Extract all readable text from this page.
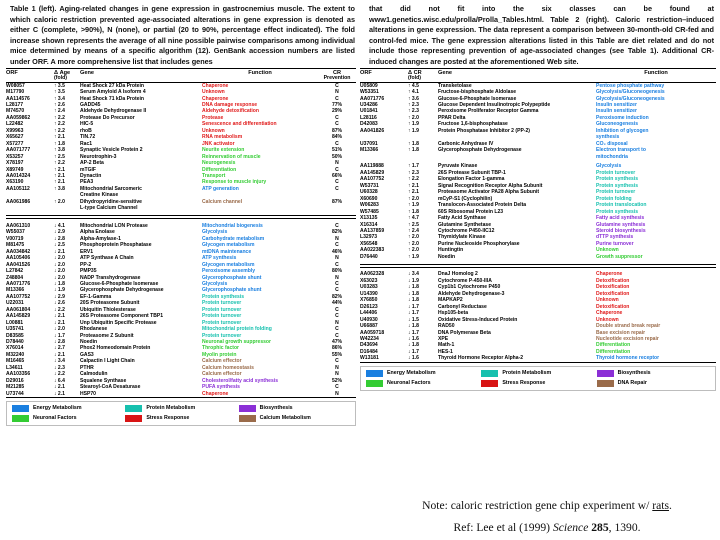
Table 1 (left). Aging-related changes in gene expression in gastrocnemius muscle. The extent to which caloric restriction prevented age-associated alterations in gene expression is denoted as either C (complete, >90%), N (none), or partial (20 to 90%, percentage effect indicated). The fold increase shown represents the average of all nine possible pairwise comparisons among individual mice determined by means of a specific algorithm (12). GenBank accession numbers are listed under ORF. A more comprehensive list that includes genes
that did not fit into the six classes can be found at www1.genetics.wisc.edu/prolla/Prolla_Tables.html. Table 2 (right). Caloric restriction–induced alterations in gene expression. The data represent a comparison between 30-month-old CR-fed and control-fed mice. The gene expression alterations listed in this Table are diet related and do not include those representing prevention of age-associated changes (see Table 1). Additional CR-induced changes are posted at the aforementioned Web site.
ORF	Δ Age
(fold)	Gene	Function	CR
Prevention

W08057	↑ 3.5	Heat Shock 27 kDa Protein	Chaperone	C
M17790	↑ 3.5	Serum Amyloid A Isoform 4	Unknown	N
AA114576	↑ 3.4	Heat Shock 71 kDa Protein	Chaperone	C
L28177	↑ 2.6	GADD45	DNA damage response	77%
M74570	↑ 2.4	Aldehyde Dehydrogenase II	Aldehyde detoxification	29%
AA059862	↑ 2.2	Protease Do Precursor	Protease	C
L22482	↑ 2.2	HIC-5	Senescence and differentiation	C
X99963	↑ 2.2	rhoB	Unknown	87%
X65627	↑ 2.1	TIN.72	RNA metabolism	84%
X57277	↑ 1.8	Rac1	JNK activator	C
AA071777	↑ 3.8	Synaptic Vesicle Protein 2	Neurite extension	51%
X53257	↑ 2.5	Neurotrophin-3	Reinnervation of muscle	50%
X78197	↑ 2.2	AP-2 Beta	Neurogenesis	N
X89749	↑ 2.1	mTGIF	Differentiation	C
AA014324	↑ 2.1	Dynactin	Transport	66%
X63190	↑ 2.1	PEA3	Response to muscle injury	C
AA105112	↑ 3.8	Mitochondrial Sarcomeric	ATP generation	C
		Creatine Kinase		
AA061986	↑ 2.0	Dihydropyridine-sensitive	Calcium channel	87%
		L-type Calcium Channel		

AA061310	↓ 4.1	Mitochondrial LON Protease	Mitochondrial biogenesis	C
W55037	↓ 2.9	Alpha Enolase	Glycolysis	82%
V00719	↓ 2.8	Alpha-Amylase-1	Carbohydrate metabolism	N
M81475	↓ 2.5	Phosphoprotein Phosphatase	Glycogen metabolism	C
AA034842	↓ 2.1	ERV1	mtDNA maintenance	46%
AA105406	↓ 2.0	ATP Synthase A Chain	ATP synthesis	N
AA041526	↓ 2.0	PP-2	Glycogen metabolism	C
L27842	↓ 2.0	PMP35	Peroxisome assembly	80%
Z48804	↓ 2.0	NADP Transhydrogenase	Glycerophosphate shunt	N
AA071776	↓ 1.8	Glucose-6-Phosphate Isomerase	Glycolysis	C
M13366	↓ 1.9	Glycerophosphate Dehydrogenase	Glycerophosphate shunt	C
AA107752	↓ 2.9	EF-1-Gamma	Protein synthesis	82%
U22031	↓ 2.6	20S Proteasome Subunit	Protein turnover	44%
AA061804	↓ 2.2	Ubiquitin Thiolesterase	Protein turnover	C
AA145829	↓ 2.1	26S Proteasome Component TBP1	Protein turnover	C
L00881	↓ 2.1	Unp Ubiquitin Specific Protease	Protein turnover	N
U35741	↓ 2.0	Rhodanese	Mitochondrial protein folding	C
D83585	↓ 1.7	Proteasome Z Subunit	Protein turnover	C
D78440	↓ 2.8	Noedin	Neuronal growth suppressor	47%
X76014	↓ 2.7	Phox2 Homeodomain Protein	Throphic factor	86%
M32240	↓ 2.1	GAS3	Myolin protein	55%
M16465	↓ 3.4	Calpactin I Light Chain	Calcium effector	C
L34611	↓ 2.3	PTHR	Calcium homeostasis	N
AA103356	↓ 2.2	Calmodulin	Calcium effector	N
D29016	↓ 6.4	Squalene Synthase	Cholesterol/fatty acid synthesis	52%
M21285	↓ 2.1	Stearoyl-CoA Desaturase	PUFA synthesis	C
U73744	↓ 2.1	HSP70	Chaperone	N
Energy Metabolism	Protein Metabolism	Biosynthesis
Neuronal Factors	Stress Response	Calcium Metabolism
ORF	Δ CR
(fold)	Gene	Function
U05809	↑ 4.5	Transketolase	Pentose phosphate pathway
W53351	↑ 4.1	Fructose-bisphosphate Aldolase	Glycolysis/Gluconeogenesis
AA071776	↑ 3.6	Glucose-6-Phosphate Isomerase	Glycolysis/Gluconeogenesis
U34286	↑ 2.3	Glucose Dependent Insulinotropic Polypeptide	Insulin sensitizer
U01841	↑ 2.3	Peroxisome Proliferator Receptor Gamma	Insulin sensitizer
L28116	↑ 2.0	PPAR Delta	Peroxisome induction
D42083	↑ 1.9	Fructose 1,6-bisphosphatase	Gluconeogenesis
AA041826	↑ 1.9	Protein Phosphatase Inhibitor 2 (PP-2)	Inhibition of glycogen
			synthesis
U37091	↑ 1.8	Carbonic Anhydrase IV	CO₂ disposal
M13366	↑ 1.8	Glycerophosphate Dehydrogenase	Electron transport to
			mitochondria

AA119888	↑ 1.7	Pyruvate Kinase	Glycolysis
AA145829	↑ 2.3	26S Protease Subunit TBP-1	Protein turnover
AA107752	↑ 2.2	Elongation Factor 1-gamma	Protein synthesis
W53731	↑ 2.1	Signal Recognition Receptor Alpha Subunit	Protein synthesis
U60328	↑ 2.1	Proteasome Activator PA28 Alpha Subunit	Protein turnover
X60690	↑ 2.0	mCyP-S1 (Cyclophilin)	Protein folding
W06283	↑ 1.9	Translocon-Associated Protein Delta	Protein translocation
W57485	↑ 1.8	60S Ribosomal Protein L23	Protein synthesis
X13135	↑ 4.7	Fatty Acid Synthase	Fatty acid synthesis
X16314	↑ 2.5	Glutamine Synthetase	Glutamine synthesis
AA137859	↑ 2.4	Cytochrome P450-IIC12	Steroid biosynthesis
L32973	↑ 2.0	Thymidylate Kinase	dTTP synthesis
X56548	↑ 2.0	Purine Nucleoside Phosphorylase	Purine turnover
AA022383	↑ 2.0	Huntingtin	Unknown
D76440	↑ 1.9	Noedin	Growth suppressor

AA062328	↓ 3.4	DnaJ Homolog 2	Chaperone
X63023	↓ 1.9	Cytochrome P-450-IIIA	Detoxification
U03283	↓ 1.8	Cyp1b1 Cytochrome P450	Detoxification
U14390	↓ 1.8	Aldehyde Dehydrogenase-3	Detoxification
X76850	↓ 1.8	MAPKAP2	Unknown
D26123	↓ 1.7	Carbonyl Reductase	Detoxification
L44406	↓ 1.7	Hsp105-beta	Chaperone
U40930	↓ 1.5	Oxidative Stress-Induced Protein	Unknown
U66887	↓ 1.8	RAD50	Double strand break repair
AA059718	↓ 1.7	DNA Polymerase Beta	Base excision repair
W42234	↓ 1.6	XPE	Nucleotide excision repair
D43694	↓ 1.8	Math-1	Differentiation
D16484	↓ 1.7	HES-1	Differentiation
W13181	↓ 1.6	Thyroid Hormone Receptor Alpha-2	Thyroid hormone receptor
Energy Metabolism	Protein Metabolism	Biosynthesis
Neuronal Factors	Stress Response	DNA Repair
Note: caloric restriction gene chip experiment w/ rats.
Ref: Lee et al (1999) Science 285, 1390.
